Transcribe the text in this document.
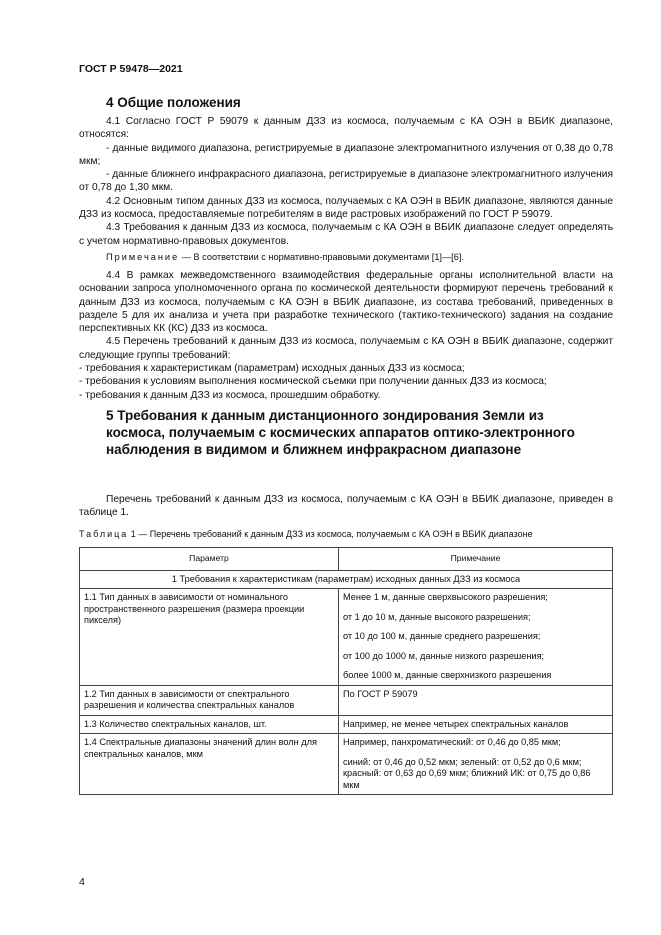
ГОСТ Р 59478—2021
4 Общие положения

4.1 Согласно ГОСТ Р 59079 к данным ДЗЗ из космоса, получаемым с КА ОЭН в ВБИК диапазоне, относятся:

- данные видимого диапазона, регистрируемые в диапазоне электромагнитного излучения от 0,38 до 0,78 мкм;

- данные ближнего инфракрасного диапазона, регистрируемые в диапазоне электромагнитного излучения от 0,78 до 1,30 мкм.

4.2 Основным типом данных ДЗЗ из космоса, получаемых с КА ОЭН в ВБИК диапазоне, являются данные ДЗЗ из космоса, предоставляемые потребителям в виде растровых изображений по ГОСТ Р 59079.

4.3 Требования к данным ДЗЗ из космоса, получаемым с КА ОЭН в ВБИК диапазоне следует определять с учетом нормативно-правовых документов.

Примечание — В соответствии с нормативно-правовыми документами [1]—[6].

4.4 В рамках межведомственного взаимодействия федеральные органы исполнительной власти на основании запроса уполномоченного органа по космической деятельности формируют перечень требований к данным ДЗЗ из космоса, получаемым с КА ОЭН в ВБИК диапазоне, из состава требований, приведенных в разделе 5 для их анализа и учета при разработке технического (тактико-технического) задания на создание перспективных КК (КС) ДЗЗ из космоса.

4.5 Перечень требований к данным ДЗЗ из космоса, получаемым с КА ОЭН в ВБИК диапазоне, содержит следующие группы требований:

- требования к характеристикам (параметрам) исходных данных ДЗЗ из космоса;

- требования к условиям выполнения космической съемки при получении данных ДЗЗ из космоса;

- требования к данным ДЗЗ из космоса, прошедшим обработку.

5 Требования к данным дистанционного зондирования Земли из космоса, получаемым с космических аппаратов оптико-электронного наблюдения в видимом и ближнем инфракрасном диапазоне

Перечень требований к данным ДЗЗ из космоса, получаемым с КА ОЭН в ВБИК диапазоне, приведен в таблице 1.

Таблица 1 — Перечень требований к данным ДЗЗ из космоса, получаемым с КА ОЭН в ВБИК диапазоне
Параметр	Примечание
1 Требования к характеристикам (параметрам) исходных данных ДЗЗ из космоса	
1.1 Тип данных в зависимости от номинального пространственного разрешения (размера проекции пикселя)	Менее 1 м, данные сверхвысокого разрешения;
от 1 до 10 м, данные высокого разрешения;
от 10 до 100 м, данные среднего разрешения;
от 100 до 1000 м, данные низкого разрешения;
более 1000 м, данные сверхнизкого разрешения

1.2 Тип данных в зависимости от спектрального разрешения и количества спектральных каналов	По ГОСТ Р 59079
1.3 Количество спектральных каналов, шт.	Например, не менее четырех спектральных каналов
1.4 Спектральные диапазоны значений длин волн для спектральных каналов, мкм	Например, панхроматический: от 0,46 до 0,85 мкм;
синий: от 0,46 до 0,52 мкм; зеленый: от 0,52 до 0,6 мкм; красный: от 0,63 до 0,69 мкм; ближний ИК: от 0,75 до 0,86 мкм
4
